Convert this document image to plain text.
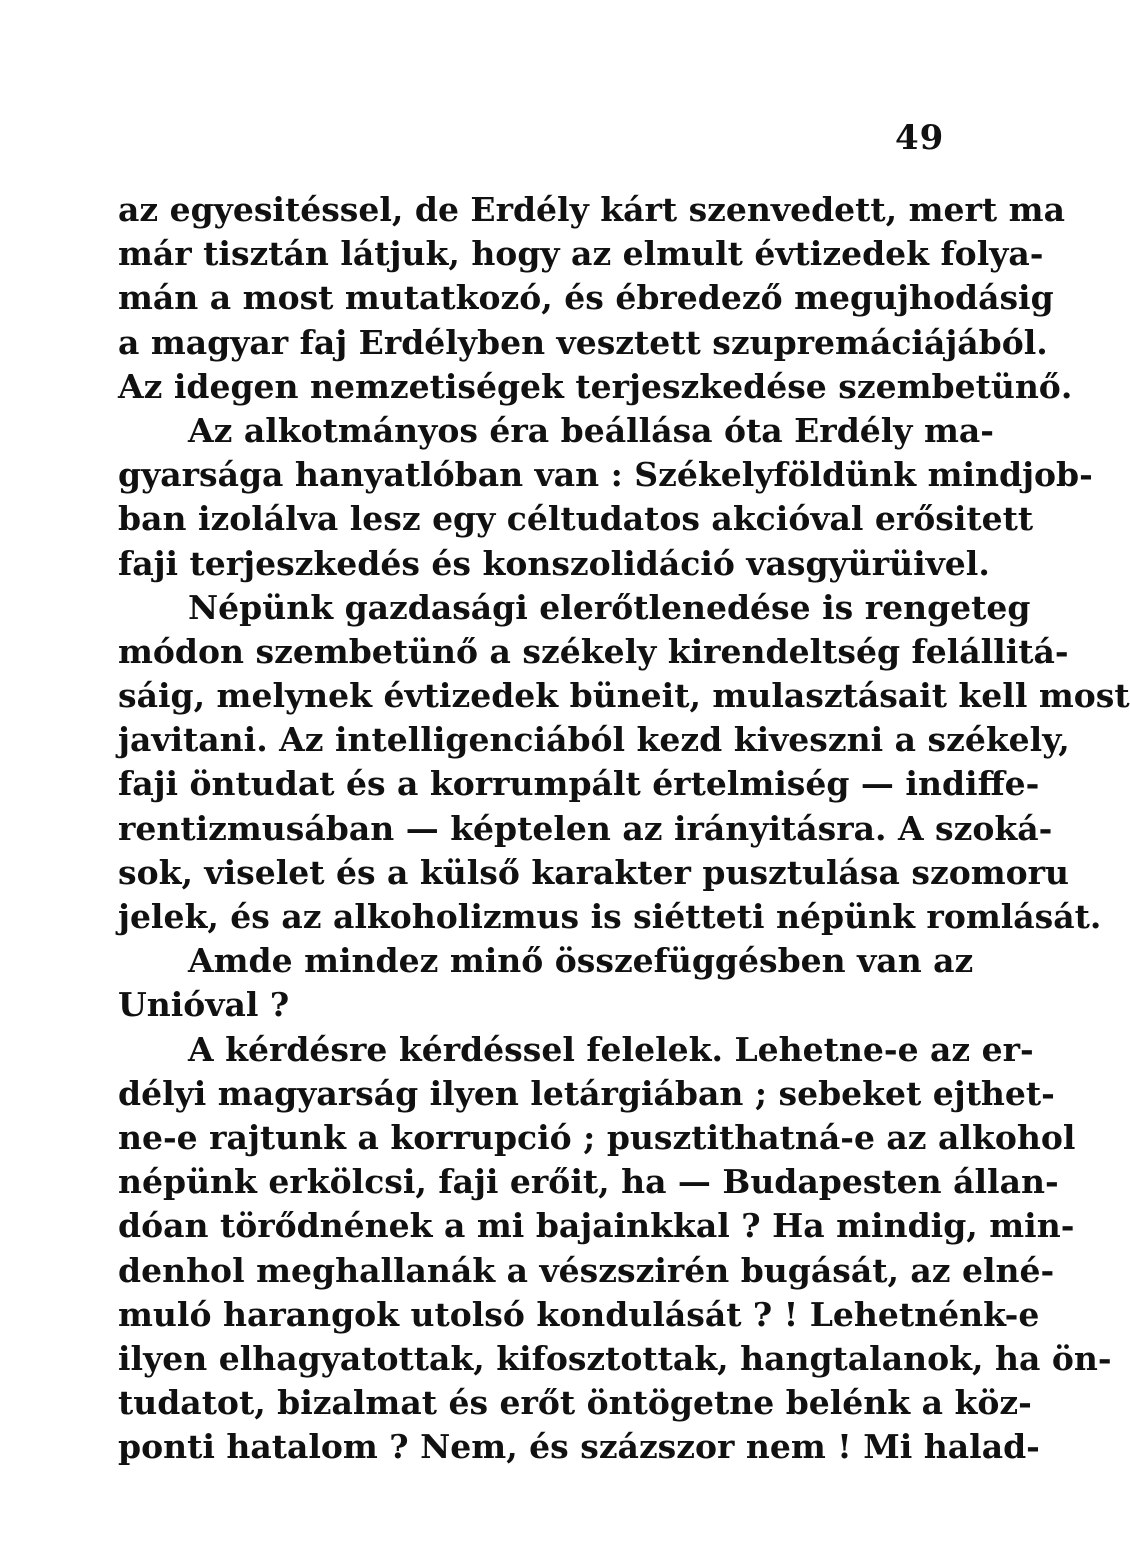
49
az egyesitéssel, de Erdély kárt szenvedett, mert ma
már tisztán látjuk, hogy az elmult évtizedek folya-
mán a most mutatkozó, és ébredező megujhodásig
a magyar faj Erdélyben vesztett szupremáciájából.
Az idegen nemzetiségek terjeszkedése szembetünő.
Az alkotmányos éra beállása óta Erdély ma-
gyarsága hanyatlóban van : Székelyföldünk mindjob-
ban izolálva lesz egy céltudatos akcióval erősitett
faji terjeszkedés és konszolidáció vasgyürüivel.
Népünk gazdasági elerőtlenedése is rengeteg
módon szembetünő a székely kirendeltség felállitá-
sáig, melynek évtizedek büneit, mulasztásait kell most
javitani. Az intelligenciából kezd kiveszni a székely,
faji öntudat és a korrumpált értelmiség — indiffe-
rentizmusában — képtelen az irányitásra. A szoká-
sok, viselet és a külső karakter pusztulása szomoru
jelek, és az alkoholizmus is siétteti népünk romlását.
Amde mindez minő összefüggésben van az
Unióval ?
A kérdésre kérdéssel felelek. Lehetne-e az er-
délyi magyarság ilyen letárgiában ; sebeket ejthet-
ne-e rajtunk a korrupció ; pusztithatná-e az alkohol
népünk erkölcsi, faji erőit, ha — Budapesten állan-
dóan törődnének a mi bajainkkal ? Ha mindig, min-
denhol meghallanák a vészszirén bugását, az elné-
muló harangok utolsó kondulását ? ! Lehetnénk-e
ilyen elhagyatottak, kifosztottak, hangtalanok, ha ön-
tudatot, bizalmat és erőt öntögetne belénk a köz-
ponti hatalom ? Nem, és százszor nem ! Mi halad-
